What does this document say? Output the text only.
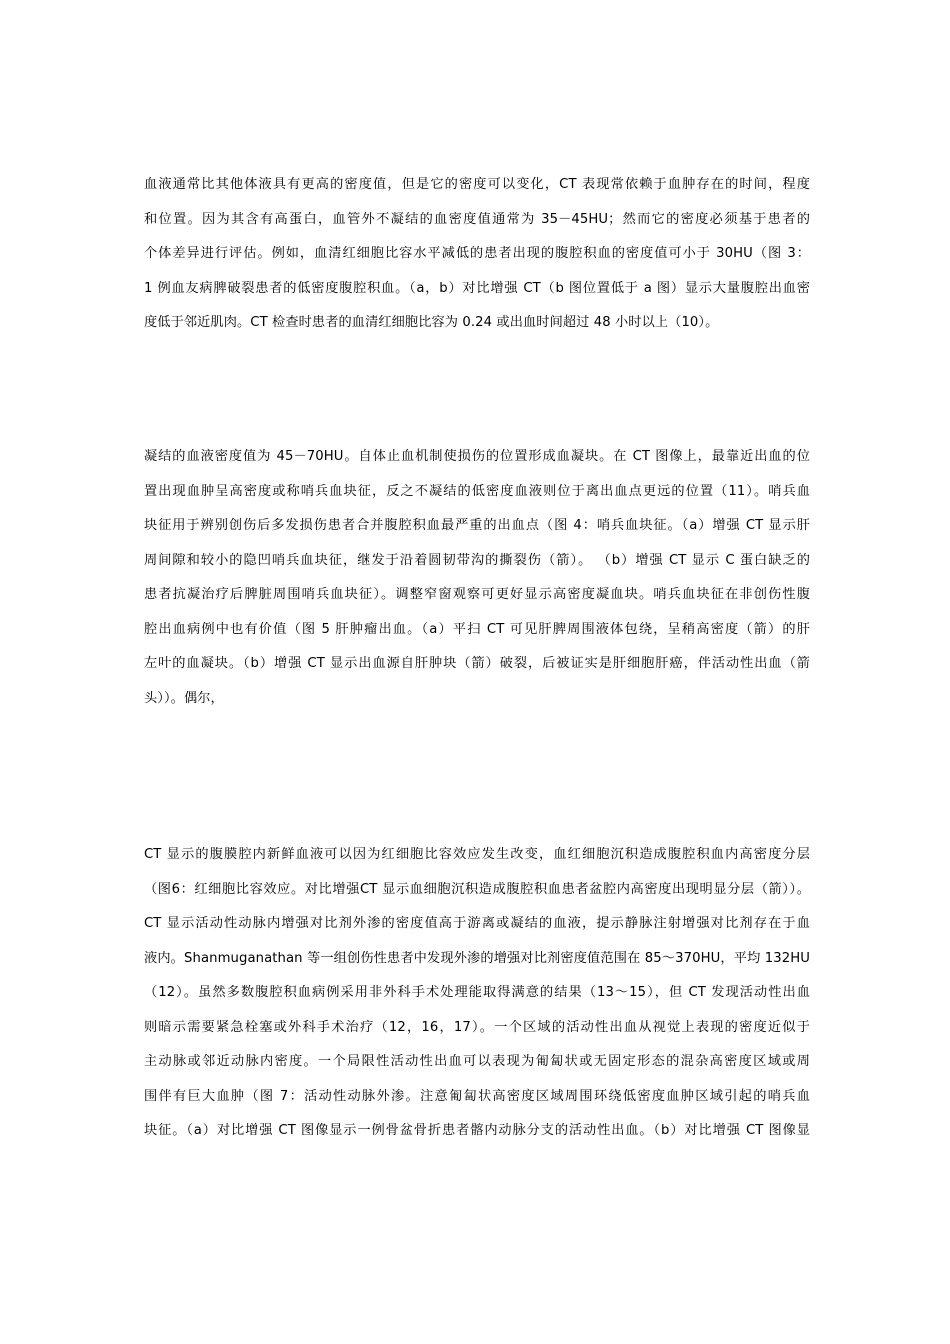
血液通常比其他体液具有更高的密度值，但是它的密度可以变化，CT 表现常依赖于血肿存在的时间，程度
和位置。因为其含有高蛋白，血管外不凝结的血密度值通常为 35－45HU；然而它的密度必须基于患者的
个体差异进行评估。例如，血清红细胞比容水平减低的患者出现的腹腔积血的密度值可小于 30HU（图 3：
1 例血友病脾破裂患者的低密度腹腔积血。（a，b）对比增强 CT（b 图位置低于 a 图）显示大量腹腔出血密
度低于邻近肌肉。CT 检查时患者的血清红细胞比容为 0.24 或出血时间超过 48 小时以上（10）。
凝结的血液密度值为 45－70HU。自体止血机制使损伤的位置形成血凝块。在 CT 图像上，最靠近出血的位
置出现血肿呈高密度或称哨兵血块征，反之不凝结的低密度血液则位于离出血点更远的位置（11）。哨兵血
块征用于辨别创伤后多发损伤患者合并腹腔积血最严重的出血点（图 4：哨兵血块征。（a）增强 CT 显示肝
周间隙和较小的隐凹哨兵血块征，继发于沿着圆韧带沟的撕裂伤（箭）。 （b）增强 CT 显示 C 蛋白缺乏的
患者抗凝治疗后脾脏周围哨兵血块征）。调整窄窗观察可更好显示高密度凝血块。哨兵血块征在非创伤性腹
腔出血病例中也有价值（图 5 肝肿瘤出血。（a）平扫 CT 可见肝脾周围液体包绕，呈稍高密度（箭）的肝
左叶的血凝块。（b）增强 CT 显示出血源自肝肿块（箭）破裂，后被证实是肝细胞肝癌，伴活动性出血（箭
头））。偶尔，
CT 显示的腹膜腔内新鲜血液可以因为红细胞比容效应发生改变，血红细胞沉积造成腹腔积血内高密度分层
（图6：红细胞比容效应。对比增强CT 显示血细胞沉积造成腹腔积血患者盆腔内高密度出现明显分层（箭））。
CT 显示活动性动脉内增强对比剂外渗的密度值高于游离或凝结的血液，提示静脉注射增强对比剂存在于血
液内。Shanmuganathan 等一组创伤性患者中发现外渗的增强对比剂密度值范围在 85～370HU，平均 132HU
（12）。虽然多数腹腔积血病例采用非外科手术处理能取得满意的结果（13～15），但 CT 发现活动性出血
则暗示需要紧急栓塞或外科手术治疗（12，16，17）。一个区域的活动性出血从视觉上表现的密度近似于
主动脉或邻近动脉内密度。一个局限性活动性出血可以表现为匍匐状或无固定形态的混杂高密度区域或周
围伴有巨大血肿（图 7：活动性动脉外渗。注意匍匐状高密度区域周围环绕低密度血肿区域引起的哨兵血
块征。（a）对比增强 CT 图像显示一例骨盆骨折患者髂内动脉分支的活动性出血。（b）对比增强 CT 图像显
